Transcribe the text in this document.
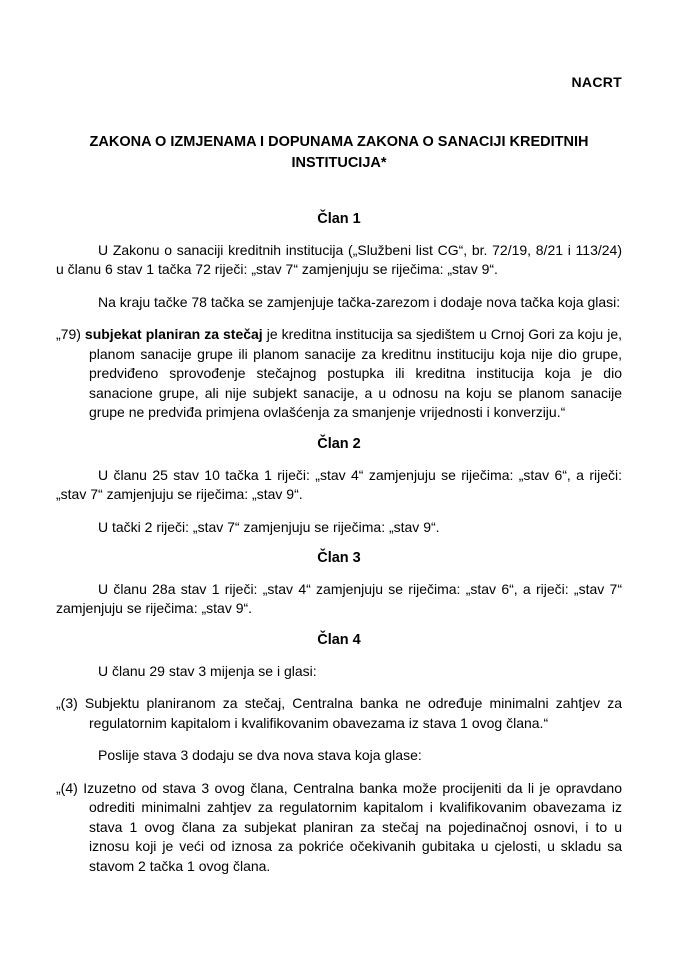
NACRT
ZAKONA O IZMJENAMA I DOPUNAMA ZAKONA O SANACIJI KREDITNIH INSTITUCIJA*
Član 1

U Zakonu o sanaciji kreditnih institucija („Službeni list CG“, br. 72/19, 8/21 i 113/24) u članu 6 stav 1 tačka 72 riječi: „stav 7“ zamjenjuju se riječima: „stav 9“.

Na kraju tačke 78 tačka se zamjenjuje tačka-zarezom i dodaje nova tačka koja glasi:

„79) subjekat planiran za stečaj je kreditna institucija sa sjedištem u Crnoj Gori za koju je, planom sanacije grupe ili planom sanacije za kreditnu instituciju koja nije dio grupe, predviđeno sprovođenje stečajnog postupka ili kreditna institucija koja je dio sanacione grupe, ali nije subjekt sanacije, a u odnosu na koju se planom sanacije grupe ne predviđa primjena ovlašćenja za smanjenje vrijednosti i konverziju.“

Član 2

U članu 25 stav 10 tačka 1 riječi: „stav 4“ zamjenjuju se riječima: „stav 6“, a riječi: „stav 7“ zamjenjuju se riječima: „stav 9“.

U tački 2 riječi: „stav 7“ zamjenjuju se riječima: „stav 9“.

Član 3

U članu 28a stav 1 riječi: „stav 4“ zamjenjuju se riječima: „stav 6“, a riječi: „stav 7“ zamjenjuju se riječima: „stav 9“.

Član 4

U članu 29 stav 3 mijenja se i glasi:

„(3) Subjektu planiranom za stečaj, Centralna banka ne određuje minimalni zahtjev za regulatornim kapitalom i kvalifikovanim obavezama iz stava 1 ovog člana.“

Poslije stava 3 dodaju se dva nova stava koja glase:

„(4) Izuzetno od stava 3 ovog člana, Centralna banka može procijeniti da li je opravdano odrediti minimalni zahtjev za regulatornim kapitalom i kvalifikovanim obavezama iz stava 1 ovog člana za subjekat planiran za stečaj na pojedinačnoj osnovi, i to u iznosu koji je veći od iznosa za pokriće očekivanih gubitaka u cjelosti, u skladu sa stavom 2 tačka 1 ovog člana.
